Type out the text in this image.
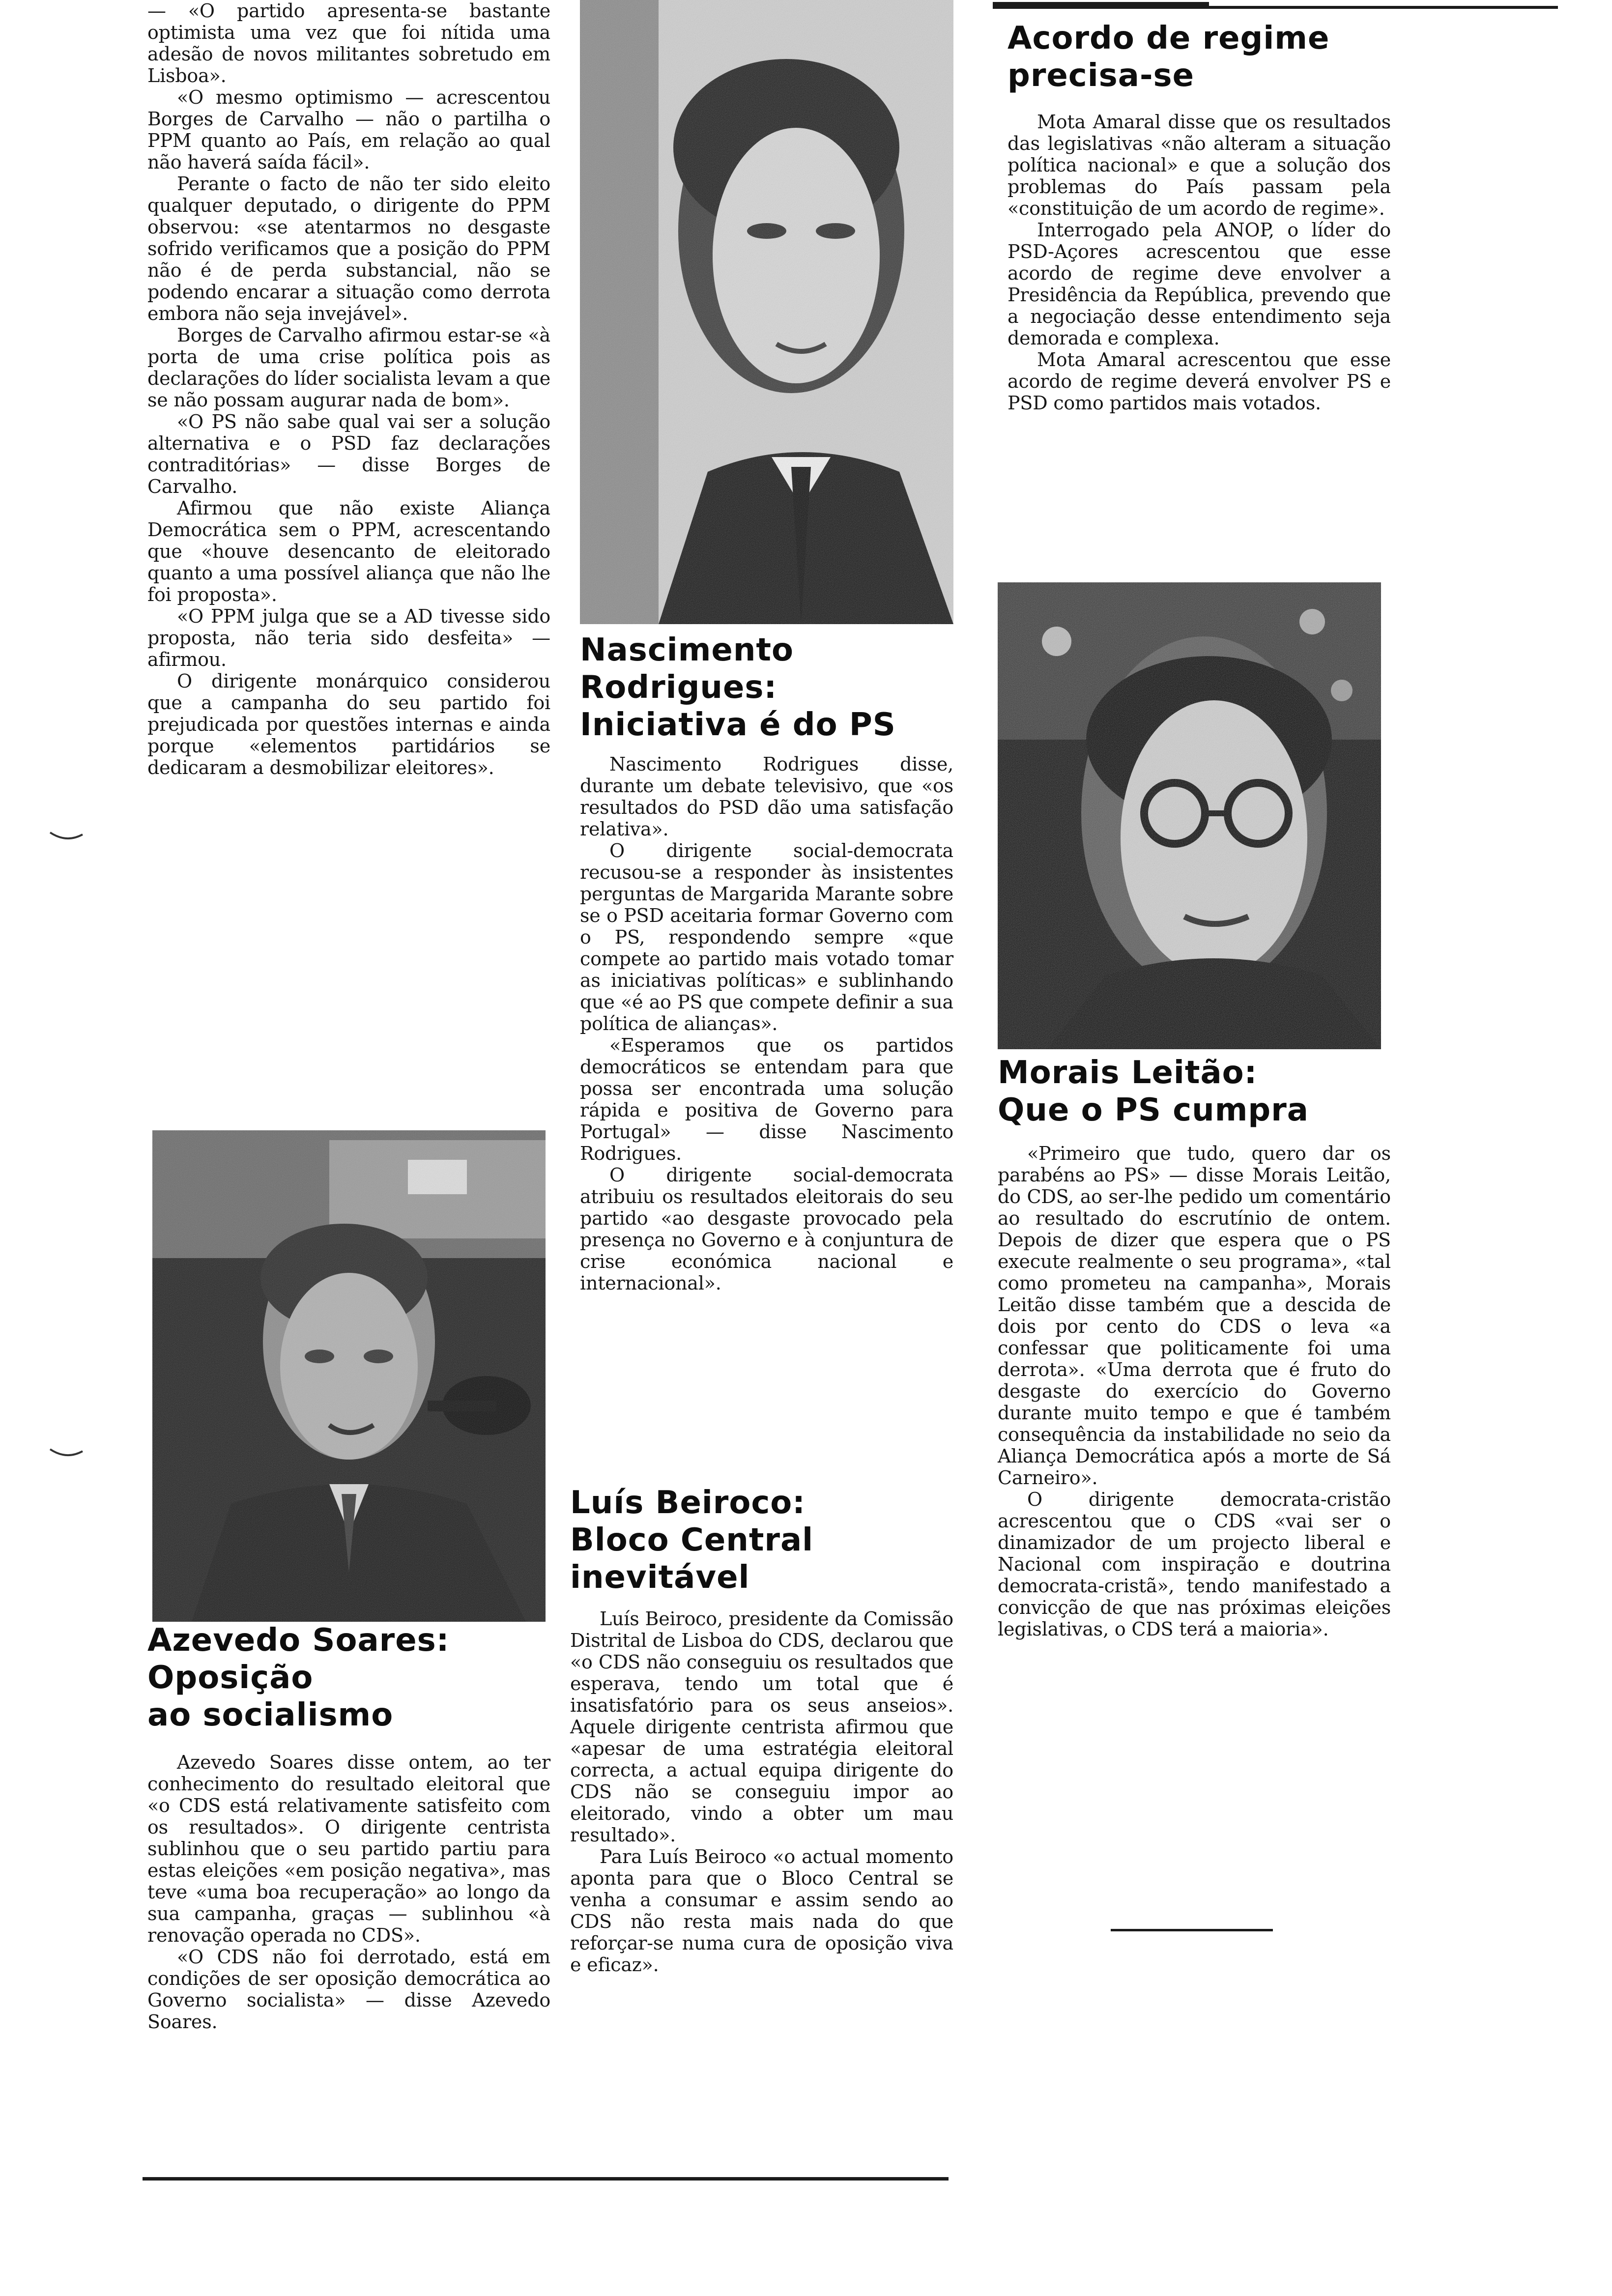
— «O partido apresenta-se bastante optimista uma vez que foi nítida uma adesão de novos militantes sobretudo em Lisboa».

«O mesmo optimismo — acrescentou Borges de Carvalho — não o partilha o PPM quanto ao País, em relação ao qual não haverá saída fácil».

Perante o facto de não ter sido eleito qualquer deputado, o dirigente do PPM observou: «se atentarmos no desgaste sofrido verificamos que a posição do PPM não é de perda substancial, não se podendo encarar a situação como derrota embora não seja invejável».

Borges de Carvalho afirmou estar-se «à porta de uma crise política pois as declarações do líder socialista levam a que se não possam augurar nada de bom».

«O PS não sabe qual vai ser a solução alternativa e o PSD faz declarações contraditórias» — disse Borges de Carvalho.

Afirmou que não existe Aliança Democrática sem o PPM, acrescentando que «houve desencanto de eleitorado quanto a uma possível aliança que não lhe foi proposta».

«O PPM julga que se a AD tivesse sido proposta, não teria sido desfeita» — afirmou.

O dirigente monárquico considerou que a campanha do seu partido foi prejudicada por questões internas e ainda porque «elementos partidários se dedicaram a desmobilizar eleitores».

Azevedo Soares:
Oposição
ao socialismo

Azevedo Soares disse ontem, ao ter conhecimento do resultado eleitoral que «o CDS está relativamente satisfeito com os resultados». O dirigente centrista sublinhou que o seu partido partiu para estas eleições «em posição negativa», mas teve «uma boa recuperação» ao longo da sua campanha, graças — sublinhou «à renovação operada no CDS».

«O CDS não foi derrotado, está em condições de ser oposição democrática ao Governo socialista» — disse Azevedo Soares.

Nascimento
Rodrigues:
Iniciativa é do PS

Nascimento Rodrigues disse, durante um debate televisivo, que «os resultados do PSD dão uma satisfação relativa».

O dirigente social-democrata recusou-se a responder às insistentes perguntas de Margarida Marante sobre se o PSD aceitaria formar Governo com o PS, respondendo sempre «que compete ao partido mais votado tomar as iniciativas políticas» e sublinhando que «é ao PS que compete definir a sua política de alianças».

«Esperamos que os partidos democráticos se entendam para que possa ser encontrada uma solução rápida e positiva de Governo para Portugal» — disse Nascimento Rodrigues.

O dirigente social-democrata atribuiu os resultados eleitorais do seu partido «ao desgaste provocado pela presença no Governo e à conjuntura de crise económica nacional e internacional».

Luís Beiroco:
Bloco Central
inevitável

Luís Beiroco, presidente da Comissão Distrital de Lisboa do CDS, declarou que «o CDS não conseguiu os resultados que esperava, tendo um total que é insatisfatório para os seus anseios». Aquele dirigente centrista afirmou que «apesar de uma estratégia eleitoral correcta, a actual equipa dirigente do CDS não se conseguiu impor ao eleitorado, vindo a obter um mau resultado».

Para Luís Beiroco «o actual momento aponta para que o Bloco Central se venha a consumar e assim sendo ao CDS não resta mais nada do que reforçar-se numa cura de oposição viva e eficaz».

Acordo de regime
precisa-se

Mota Amaral disse que os resultados das legislativas «não alteram a situação política nacional» e que a solução dos problemas do País passam pela «constituição de um acordo de regime».

Interrogado pela ANOP, o líder do PSD-Açores acrescentou que esse acordo de regime deve envolver a Presidência da República, prevendo que a negociação desse entendimento seja demorada e complexa.

Mota Amaral acrescentou que esse acordo de regime deverá envolver PS e PSD como partidos mais votados.

Morais Leitão:
Que o PS cumpra

«Primeiro que tudo, quero dar os parabéns ao PS» — disse Morais Leitão, do CDS, ao ser-lhe pedido um comentário ao resultado do escrutínio de ontem. Depois de dizer que espera que o PS execute realmente o seu programa», «tal como prometeu na campanha», Morais Leitão disse também que a descida de dois por cento do CDS o leva «a confessar que politicamente foi uma derrota». «Uma derrota que é fruto do desgaste do exercício do Governo durante muito tempo e que é também consequência da instabilidade no seio da Aliança Democrática após a morte de Sá Carneiro».

O dirigente democrata-cristão acrescentou que o CDS «vai ser o dinamizador de um projecto liberal e Nacional com inspiração e doutrina democrata-cristã», tendo manifestado a convicção de que nas próximas eleições legislativas, o CDS terá a maioria».
